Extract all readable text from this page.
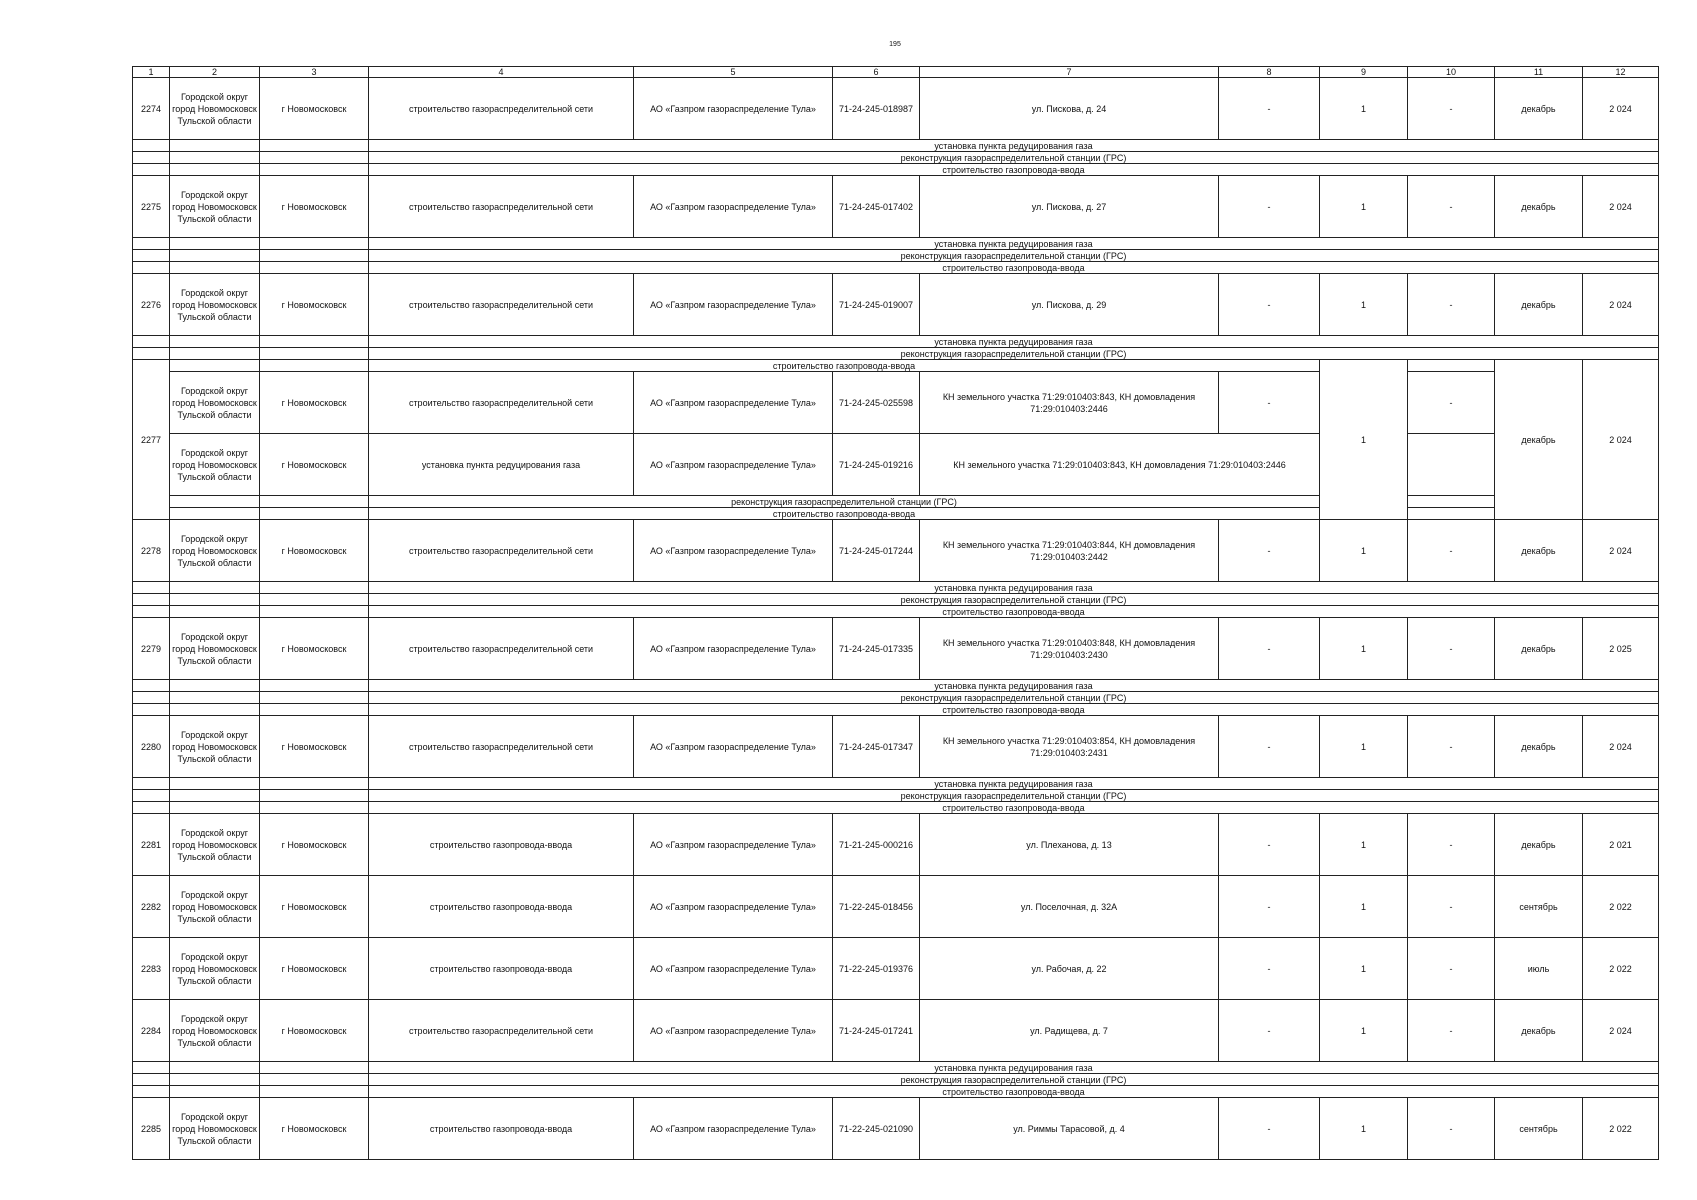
195
1	2	3	4	5	6	7	8	9	10	11	12
2274	Городской округ город Новомосковск Тульской области	г Новомосковск	строительство газораспределительной сети	АО «Газпром газораспределение Тула»	71-24-245-018987	ул. Пискова, д. 24	-	1	-	декабрь	2 024
			установка пункта редуцирования газа								
			реконструкция газораспределительной станции (ГРС)								
			строительство газопровода-ввода								
2275	Городской округ город Новомосковск Тульской области	г Новомосковск	строительство газораспределительной сети	АО «Газпром газораспределение Тула»	71-24-245-017402	ул. Пискова, д. 27	-	1	-	декабрь	2 024
			установка пункта редуцирования газа								
			реконструкция газораспределительной станции (ГРС)								
			строительство газопровода-ввода								
2276	Городской округ город Новомосковск Тульской области	г Новомосковск	строительство газораспределительной сети	АО «Газпром газораспределение Тула»	71-24-245-019007	ул. Пискова, д. 29	-	1	-	декабрь	2 024
			установка пункта редуцирования газа								
			реконструкция газораспределительной станции (ГРС)								
2277			строительство газопровода-ввода					1		декабрь	2 024
	Городской округ город Новомосковск Тульской области	г Новомосковск	строительство газораспределительной сети	АО «Газпром газораспределение Тула»	71-24-245-025598	КН земельного участка 71:29:010403:843, КН домовладения 71:29:010403:2446	-		-		
	Городской округ город Новомосковск Тульской области	г Новомосковск	установка пункта редуцирования газа	АО «Газпром газораспределение Тула»	71-24-245-019216	КН земельного участка 71:29:010403:843, КН домовладения 71:29:010403:2446					
			реконструкция газораспределительной станции (ГРС)								
			строительство газопровода-ввода								
2278	Городской округ город Новомосковск Тульской области	г Новомосковск	строительство газораспределительной сети	АО «Газпром газораспределение Тула»	71-24-245-017244	КН земельного участка 71:29:010403:844, КН домовладения 71:29:010403:2442	-	1	-	декабрь	2 024
			установка пункта редуцирования газа								
			реконструкция газораспределительной станции (ГРС)								
			строительство газопровода-ввода								
2279	Городской округ город Новомосковск Тульской области	г Новомосковск	строительство газораспределительной сети	АО «Газпром газораспределение Тула»	71-24-245-017335	КН земельного участка 71:29:010403:848, КН домовладения 71:29:010403:2430	-	1	-	декабрь	2 025
			установка пункта редуцирования газа								
			реконструкция газораспределительной станции (ГРС)								
			строительство газопровода-ввода								
2280	Городской округ город Новомосковск Тульской области	г Новомосковск	строительство газораспределительной сети	АО «Газпром газораспределение Тула»	71-24-245-017347	КН земельного участка 71:29:010403:854, КН домовладения 71:29:010403:2431	-	1	-	декабрь	2 024
			установка пункта редуцирования газа								
			реконструкция газораспределительной станции (ГРС)								
			строительство газопровода-ввода								
2281	Городской округ город Новомосковск Тульской области	г Новомосковск	строительство газопровода-ввода	АО «Газпром газораспределение Тула»	71-21-245-000216	ул. Плеханова, д. 13	-	1	-	декабрь	2 021
2282	Городской округ город Новомосковск Тульской области	г Новомосковск	строительство газопровода-ввода	АО «Газпром газораспределение Тула»	71-22-245-018456	ул. Поселочная, д. 32А	-	1	-	сентябрь	2 022
2283	Городской округ город Новомосковск Тульской области	г Новомосковск	строительство газопровода-ввода	АО «Газпром газораспределение Тула»	71-22-245-019376	ул. Рабочая, д. 22	-	1	-	июль	2 022
2284	Городской округ город Новомосковск Тульской области	г Новомосковск	строительство газораспределительной сети	АО «Газпром газораспределение Тула»	71-24-245-017241	ул. Радищева, д. 7	-	1	-	декабрь	2 024
			установка пункта редуцирования газа								
			реконструкция газораспределительной станции (ГРС)								
			строительство газопровода-ввода								
2285	Городской округ город Новомосковск Тульской области	г Новомосковск	строительство газопровода-ввода	АО «Газпром газораспределение Тула»	71-22-245-021090	ул. Риммы Тарасовой, д. 4	-	1	-	сентябрь	2 022
